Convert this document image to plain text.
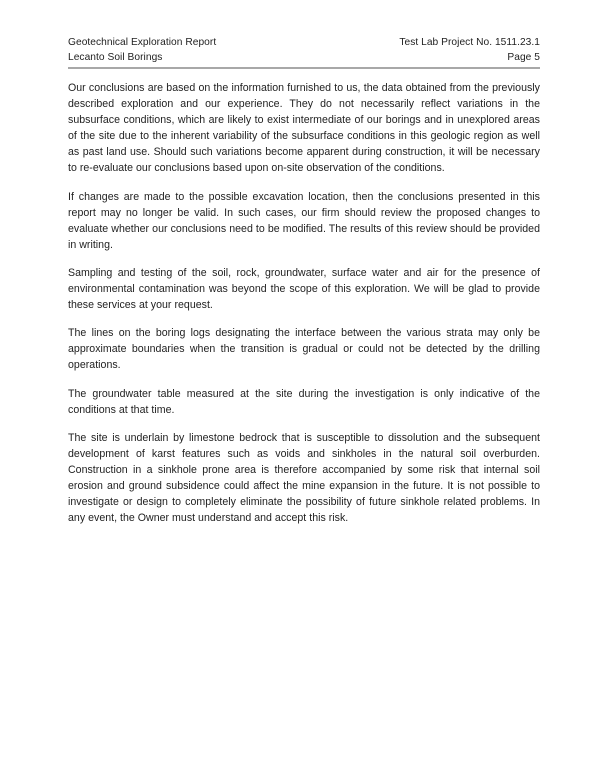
Geotechnical Exploration Report
Lecanto Soil Borings
Test Lab Project No. 1511.23.1
Page 5

Our conclusions are based on the information furnished to us, the data obtained from the previously described exploration and our experience. They do not necessarily reflect variations in the subsurface conditions, which are likely to exist intermediate of our borings and in unexplored areas of the site due to the inherent variability of the subsurface conditions in this geologic region as well as past land use. Should such variations become apparent during construction, it will be necessary to re-evaluate our conclusions based upon on-site observation of the conditions.

If changes are made to the possible excavation location, then the conclusions presented in this report may no longer be valid. In such cases, our firm should review the proposed changes to evaluate whether our conclusions need to be modified. The results of this review should be provided in writing.

Sampling and testing of the soil, rock, groundwater, surface water and air for the presence of environmental contamination was beyond the scope of this exploration. We will be glad to provide these services at your request.

The lines on the boring logs designating the interface between the various strata may only be approximate boundaries when the transition is gradual or could not be detected by the drilling operations.

The groundwater table measured at the site during the investigation is only indicative of the conditions at that time.

The site is underlain by limestone bedrock that is susceptible to dissolution and the subsequent development of karst features such as voids and sinkholes in the natural soil overburden. Construction in a sinkhole prone area is therefore accompanied by some risk that internal soil erosion and ground subsidence could affect the mine expansion in the future. It is not possible to investigate or design to completely eliminate the possibility of future sinkhole related problems. In any event, the Owner must understand and accept this risk.
